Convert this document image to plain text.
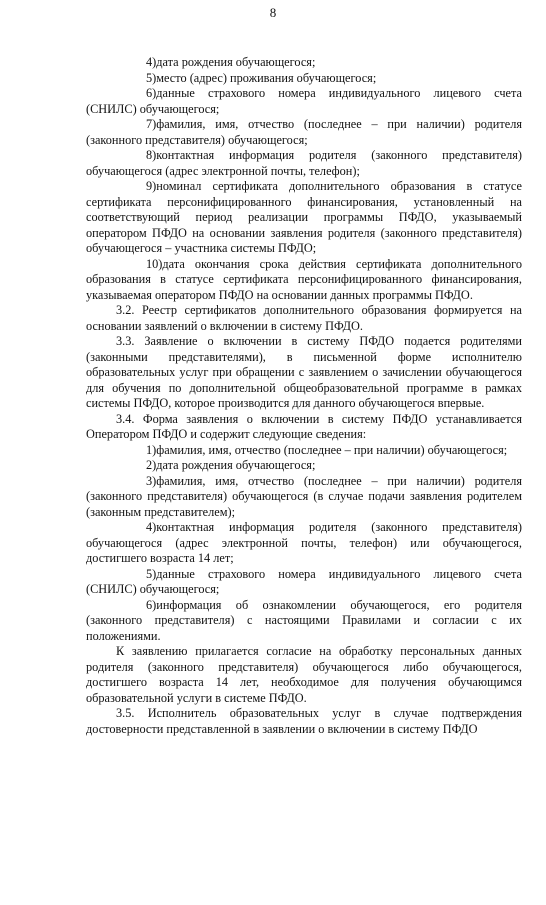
8

4)дата рождения обучающегося;

5)место (адрес) проживания обучающегося;

6)данные страхового номера индивидуального лицевого счета (СНИЛС) обучающегося;

7)фамилия, имя, отчество (последнее – при наличии) родителя (законного представителя) обучающегося;

8)контактная информация родителя (законного представителя) обучающегося (адрес электронной почты, телефон);

9)номинал сертификата дополнительного образования в статусе сертификата персонифицированного финансирования, установленный на соответствующий период реализации программы ПФДО, указываемый оператором ПФДО на основании заявления родителя (законного представителя) обучающегося – участника системы ПФДО;

10)дата окончания срока действия сертификата дополнительного образования в статусе сертификата персонифицированного финансирования, указываемая оператором ПФДО на основании данных программы ПФДО.

3.2. Реестр сертификатов дополнительного образования формируется на основании заявлений о включении в систему ПФДО.

3.3. Заявление о включении в систему ПФДО подается родителями (законными представителями), в письменной форме исполнителю образовательных услуг при обращении с заявлением о зачислении обучающегося для обучения по дополнительной общеобразовательной программе в рамках системы ПФДО, которое производится для данного обучающегося впервые.

3.4. Форма заявления о включении в систему ПФДО устанавливается Оператором ПФДО и содержит следующие сведения:

1)фамилия, имя, отчество (последнее – при наличии) обучающегося;

2)дата рождения обучающегося;

3)фамилия, имя, отчество (последнее – при наличии) родителя (законного представителя) обучающегося (в случае подачи заявления родителем (законным представителем);

4)контактная информация родителя (законного представителя) обучающегося (адрес электронной почты, телефон) или обучающегося, достигшего возраста 14 лет;

5)данные страхового номера индивидуального лицевого счета (СНИЛС) обучающегося;

6)информация об ознакомлении обучающегося, его родителя (законного представителя) с настоящими Правилами и согласии с их положениями.

К заявлению прилагается согласие на обработку персональных данных родителя (законного представителя) обучающегося либо обучающегося, достигшего возраста 14 лет, необходимое для получения обучающимся образовательной услуги в системе ПФДО.

3.5. Исполнитель образовательных услуг в случае подтверждения достоверности представленной в заявлении о включении в систему ПФДО
